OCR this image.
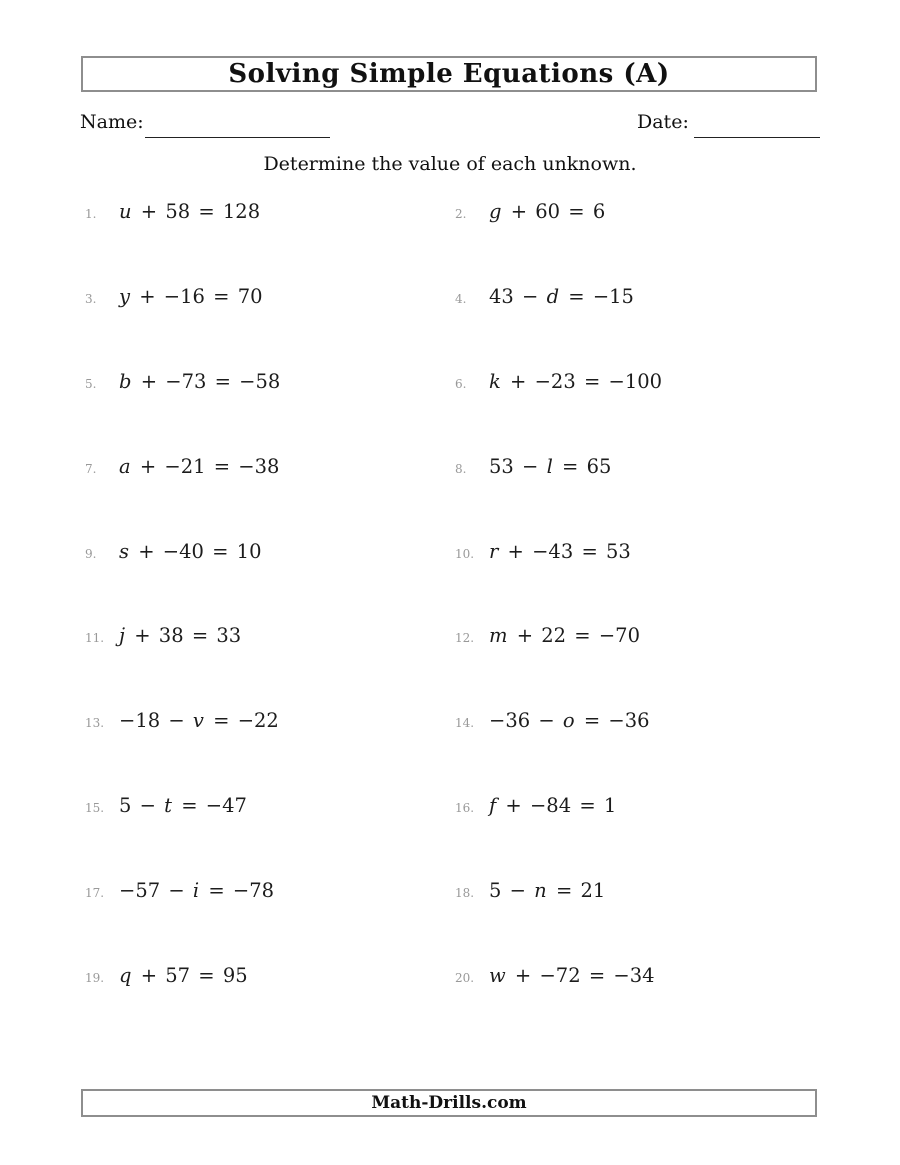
Solving Simple Equations (A)
Name:	Date:
Determine the value of each unknown.
1.	u + 58 = 128	2.	g + 60 = 6
3.	y + −16 = 70	4.	43 − d = −15
5.	b + −73 = −58	6.	k + −23 = −100
7.	a + −21 = −38	8.	53 − l = 65
9.	s + −40 = 10	10. r + −43 = 53
11. j + 38 = 33	12. m + 22 = −70
13. −18 − v = −22	14. −36 − o = −36
15. 5 − t = −47	16. f + −84 = 1
17. −57 − i = −78	18. 5 − n = 21
19. q + 57 = 95	20. w + −72 = −34
Math-Drills.com
